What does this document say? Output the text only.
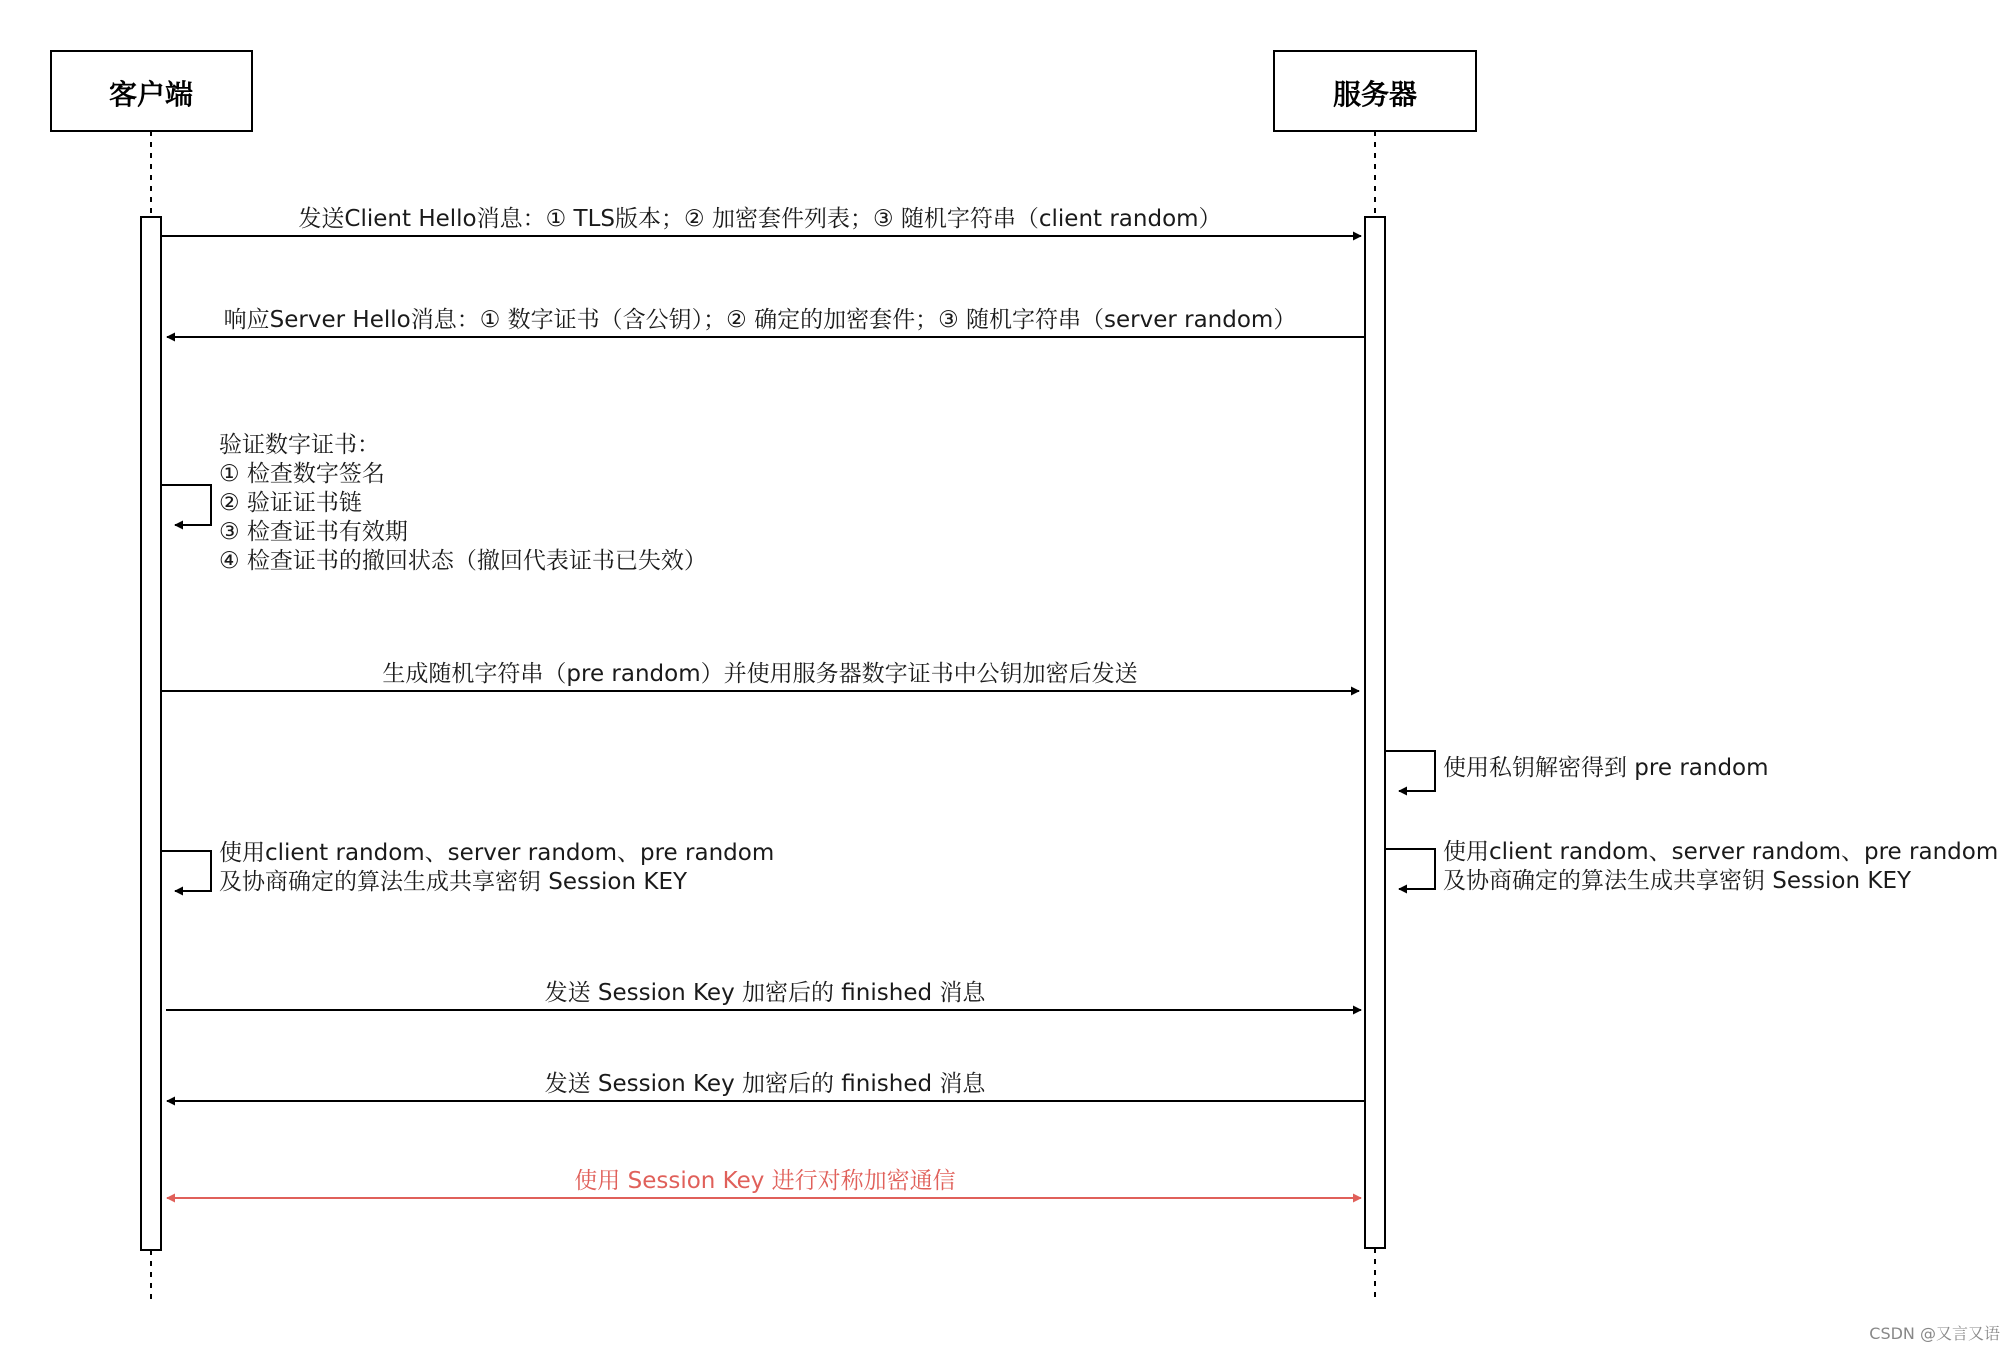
客户端	服务器
发送Client Hello消息：① TLS版本；② 加密套件列表；③ 随机字符串（client random）
响应Server Hello消息：① 数字证书（含公钥）；② 确定的加密套件；③ 随机字符串（server random）
验证数字证书：
① 检查数字签名
② 验证证书链
③ 检查证书有效期
④ 检查证书的撤回状态（撤回代表证书已失效）
生成随机字符串（pre random）并使用服务器数字证书中公钥加密后发送
使用私钥解密得到 pre random
使用client random、server random、pre random
及协商确定的算法生成共享密钥 Session KEY
使用client random、server random、pre random
及协商确定的算法生成共享密钥 Session KEY
发送 Session Key 加密后的 finished 消息
发送 Session Key 加密后的 finished 消息
使用 Session Key 进行对称加密通信
CSDN @又言又语
